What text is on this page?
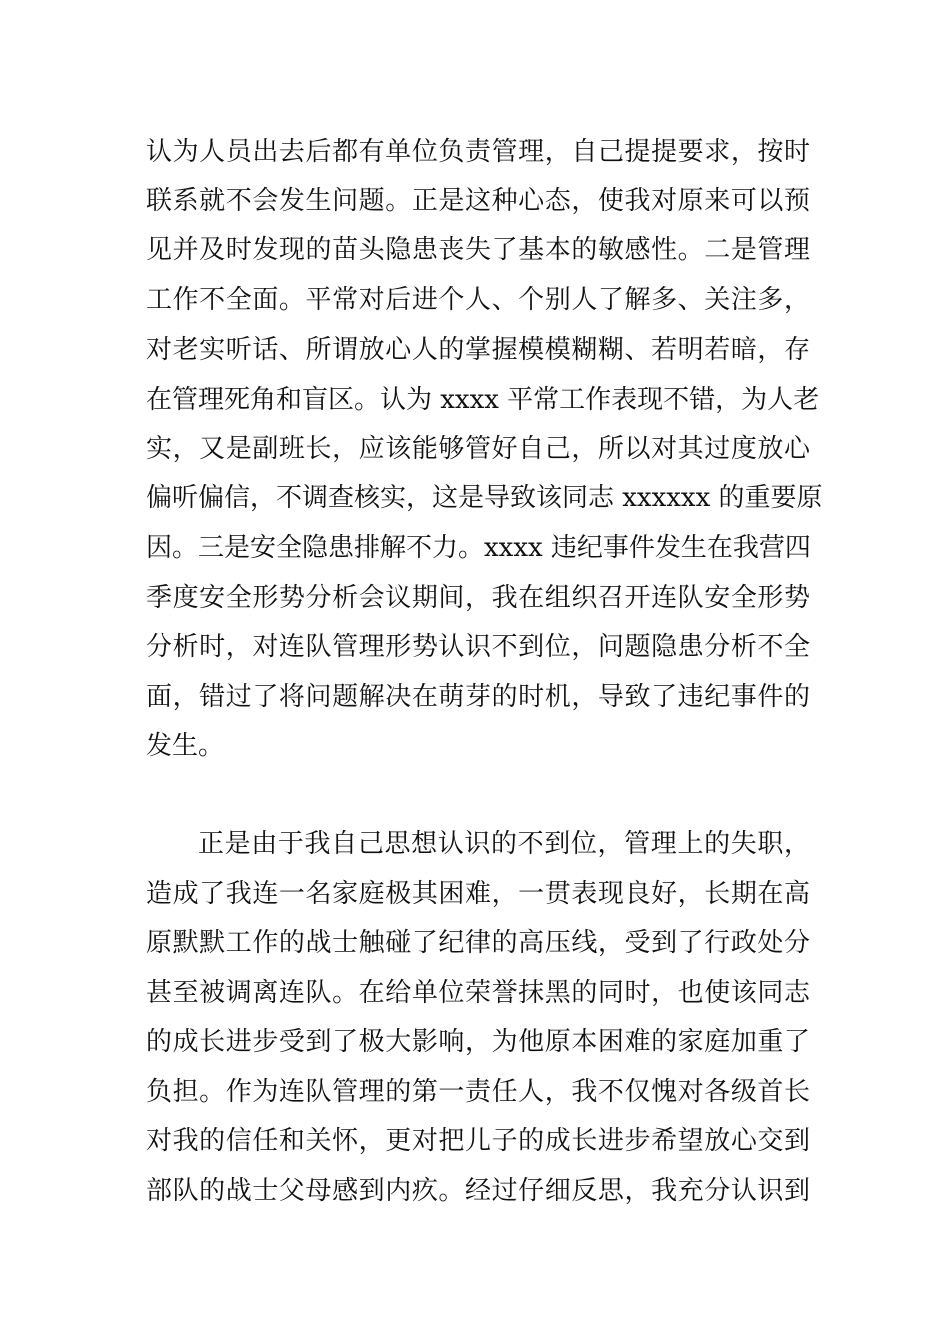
认为人员出去后都有单位负责管理，自己提提要求，按时
联系就不会发生问题。正是这种心态，使我对原来可以预
见并及时发现的苗头隐患丧失了基本的敏感性。二是管理
工作不全面。平常对后进个人、个别人了解多、关注多，
对老实听话、所谓放心人的掌握模模糊糊、若明若暗，存
在管理死角和盲区。认为 xxxx 平常工作表现不错，为人老
实，又是副班长，应该能够管好自己，所以对其过度放心
偏听偏信，不调查核实，这是导致该同志 xxxxxx 的重要原
因。三是安全隐患排解不力。xxxx 违纪事件发生在我营四
季度安全形势分析会议期间，我在组织召开连队安全形势
分析时，对连队管理形势认识不到位，问题隐患分析不全
面，错过了将问题解决在萌芽的时机，导致了违纪事件的
发生。
正是由于我自己思想认识的不到位，管理上的失职，
造成了我连一名家庭极其困难，一贯表现良好，长期在高
原默默工作的战士触碰了纪律的高压线，受到了行政处分
甚至被调离连队。在给单位荣誉抹黑的同时，也使该同志
的成长进步受到了极大影响，为他原本困难的家庭加重了
负担。作为连队管理的第一责任人，我不仅愧对各级首长
对我的信任和关怀，更对把儿子的成长进步希望放心交到
部队的战士父母感到内疚。经过仔细反思，我充分认识到
